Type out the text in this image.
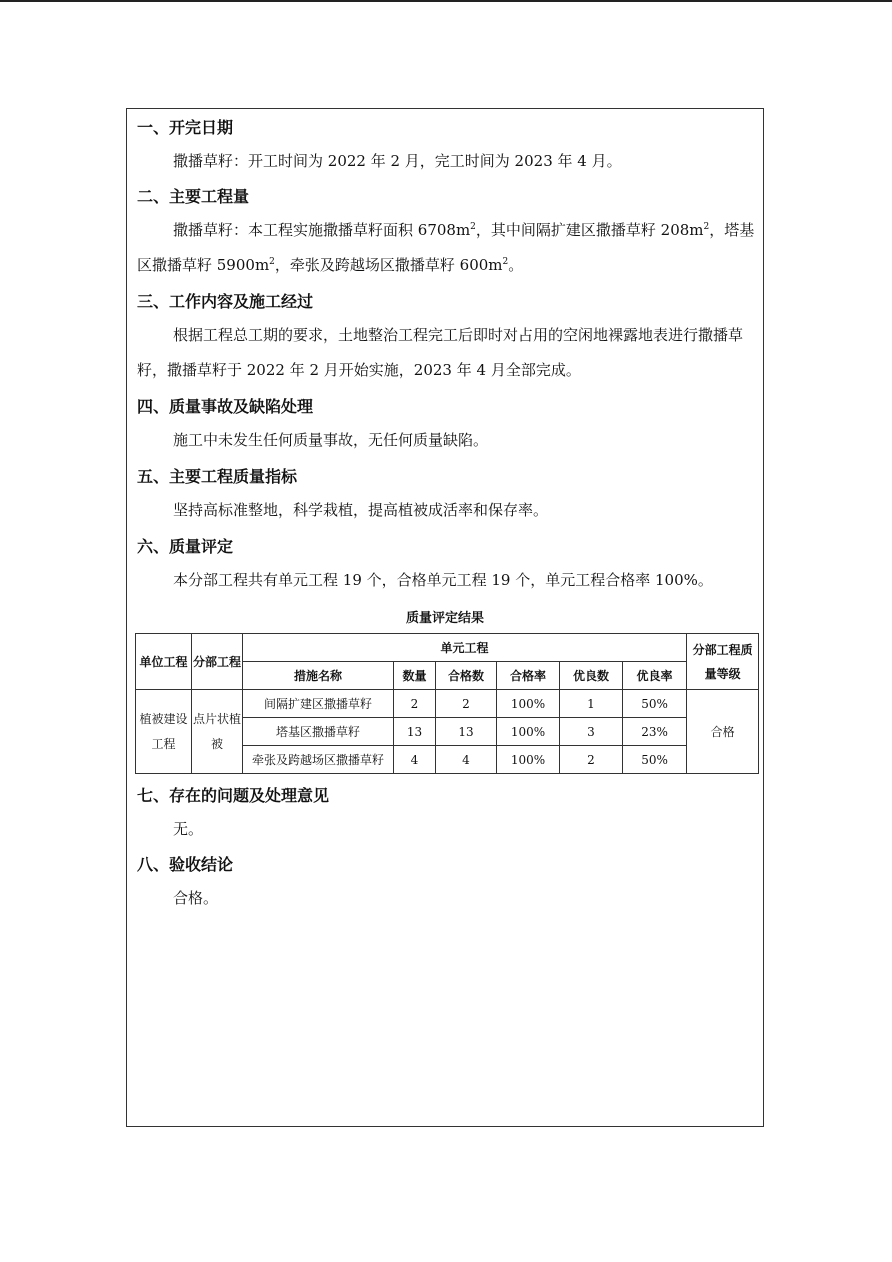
一、开完日期
撒播草籽：开工时间为 2022 年 2 月，完工时间为 2023 年 4 月。
二、主要工程量
撒播草籽：本工程实施撒播草籽面积 $6708m^2$，其中间隔扩建区撒播草籽 $208m^2$，塔基区撒播草籽 $5900m^2$，牵张及跨越场区撒播草籽 $600m^2$。
三、工作内容及施工经过
根据工程总工期的要求，土地整治工程完工后即时对占用的空闲地裸露地表进行撒播草籽，撒播草籽于 2022 年 2 月开始实施，2023 年 4 月全部完成。
四、质量事故及缺陷处理
施工中未发生任何质量事故，无任何质量缺陷。
五、主要工程质量指标
坚持高标准整地，科学栽植，提高植被成活率和保存率。
六、质量评定
本分部工程共有单元工程 19 个，合格单元工程 19 个，单元工程合格率 100%。
质量评定结果
单位工程	分部工程	单元工程						分部工程质量等级
		措施名称	数量	合格数	合格率	优良数	优良率	
植被建设工程	点片状植被	间隔扩建区撒播草籽	2	2	100%	1	50%	合格
		塔基区撒播草籽	13	13	100%	3	23%	
		牵张及跨越场区撒播草籽	4	4	100%	2	50%	
七、存在的问题及处理意见
无。
八、验收结论
合格。
